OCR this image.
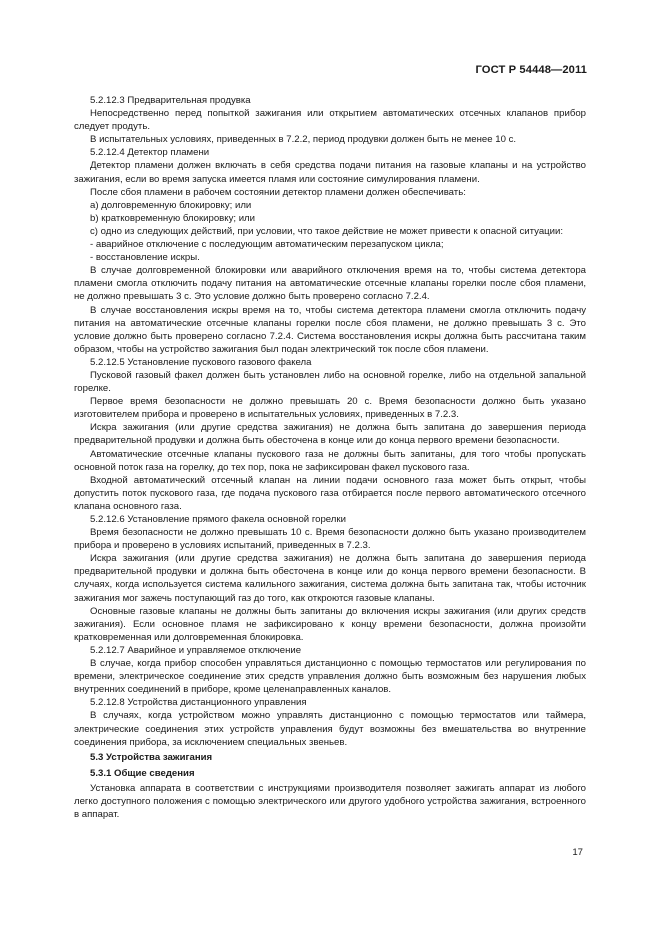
ГОСТ Р 54448—2011

5.2.12.3 Предварительная продувка

Непосредственно перед попыткой зажигания или открытием автоматических отсечных клапанов прибор следует продуть.

В испытательных условиях, приведенных в 7.2.2, период продувки должен быть не менее 10 с.

5.2.12.4 Детектор пламени

Детектор пламени должен включать в себя средства подачи питания на газовые клапаны и на устройство зажигания, если во время запуска имеется пламя или состояние симулирования пламени.

После сбоя пламени в рабочем состоянии детектор пламени должен обеспечивать:

a) долговременную блокировку; или

b) кратковременную блокировку; или

c) одно из следующих действий, при условии, что такое действие не может привести к опасной ситуации:

- аварийное отключение с последующим автоматическим перезапуском цикла;

- восстановление искры.

В случае долговременной блокировки или аварийного отключения время на то, чтобы система детектора пламени смогла отключить подачу питания на автоматические отсечные клапаны горелки после сбоя пламени, не должно превышать 3 с. Это условие должно быть проверено согласно 7.2.4.

В случае восстановления искры время на то, чтобы система детектора пламени смогла отключить подачу питания на автоматические отсечные клапаны горелки после сбоя пламени, не должно превышать 3 с. Это условие должно быть проверено согласно 7.2.4. Система восстановления искры должна быть рассчитана таким образом, чтобы на устройство зажигания был подан электрический ток после сбоя пламени.

5.2.12.5 Установление пускового газового факела

Пусковой газовый факел должен быть установлен либо на основной горелке, либо на отдельной запальной горелке.

Первое время безопасности не должно превышать 20 с. Время безопасности должно быть указано изготовителем прибора и проверено в испытательных условиях, приведенных в 7.2.3.

Искра зажигания (или другие средства зажигания) не должна быть запитана до завершения периода предварительной продувки и должна быть обесточена в конце или до конца первого времени безопасности.

Автоматические отсечные клапаны пускового газа не должны быть запитаны, для того чтобы пропускать основной поток газа на горелку, до тех пор, пока не зафиксирован факел пускового газа.

Входной автоматический отсечный клапан на линии подачи основного газа может быть открыт, чтобы допустить поток пускового газа, где подача пускового газа отбирается после первого автоматического отсечного клапана основного газа.

5.2.12.6 Установление прямого факела основной горелки

Время безопасности не должно превышать 10 с. Время безопасности должно быть указано производителем прибора и проверено в условиях испытаний, приведенных в 7.2.3.

Искра зажигания (или другие средства зажигания) не должна быть запитана до завершения периода предварительной продувки и должна быть обесточена в конце или до конца первого времени безопасности. В случаях, когда используется система калильного зажигания, система должна быть запитана так, чтобы источник зажигания мог зажечь поступающий газ до того, как откроются газовые клапаны.

Основные газовые клапаны не должны быть запитаны до включения искры зажигания (или других средств зажигания). Если основное пламя не зафиксировано к концу времени безопасности, должна произойти кратковременная или долговременная блокировка.

5.2.12.7 Аварийное и управляемое отключение

В случае, когда прибор способен управляться дистанционно с помощью термостатов или регулирования по времени, электрическое соединение этих средств управления должно быть возможным без нарушения любых внутренних соединений в приборе, кроме целенаправленных каналов.

5.2.12.8 Устройства дистанционного управления

В случаях, когда устройством можно управлять дистанционно с помощью термостатов или таймера, электрические соединения этих устройств управления будут возможны без вмешательства во внутренние соединения прибора, за исключением специальных звеньев.

5.3 Устройства зажигания

5.3.1 Общие сведения

Установка аппарата в соответствии с инструкциями производителя позволяет зажигать аппарат из любого легко доступного положения с помощью электрического или другого удобного устройства зажигания, встроенного в аппарат.

17
